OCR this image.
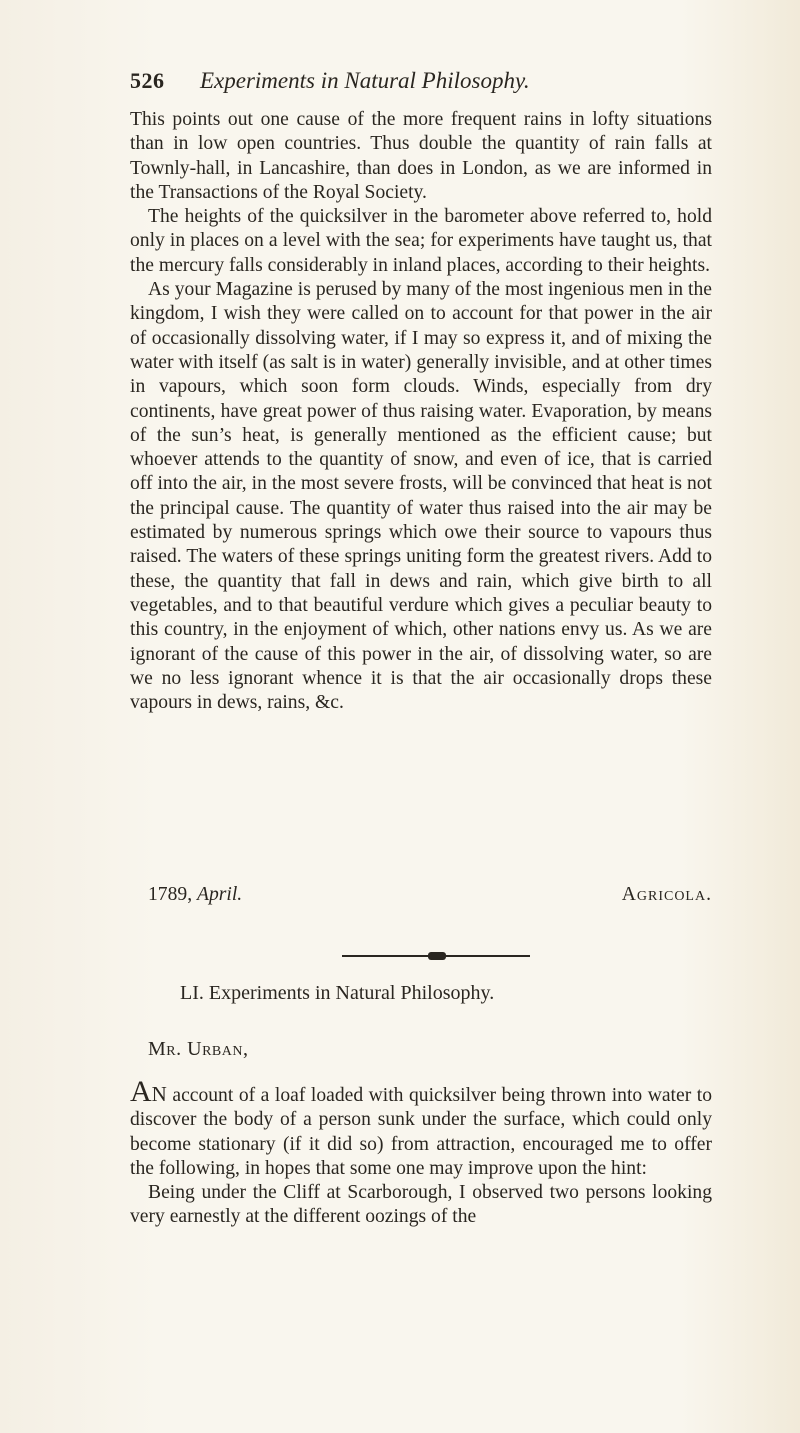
526 Experiments in Natural Philosophy.

This points out one cause of the more frequent rains in lofty situations than in low open countries. Thus double the quantity of rain falls at Townly-hall, in Lancashire, than does in London, as we are informed in the Transactions of the Royal Society.

The heights of the quicksilver in the barometer above referred to, hold only in places on a level with the sea; for experiments have taught us, that the mercury falls considerably in inland places, according to their heights.

As your Magazine is perused by many of the most ingenious men in the kingdom, I wish they were called on to account for that power in the air of occasionally dissolving water, if I may so express it, and of mixing the water with itself (as salt is in water) generally invisible, and at other times in vapours, which soon form clouds. Winds, especially from dry continents, have great power of thus raising water. Evaporation, by means of the sun’s heat, is generally mentioned as the efficient cause; but whoever attends to the quantity of snow, and even of ice, that is carried off into the air, in the most severe frosts, will be convinced that heat is not the principal cause. The quantity of water thus raised into the air may be estimated by numerous springs which owe their source to vapours thus raised. The waters of these springs uniting form the greatest rivers. Add to these, the quantity that fall in dews and rain, which give birth to all vegetables, and to that beautiful verdure which gives a peculiar beauty to this country, in the enjoyment of which, other nations envy us. As we are ignorant of the cause of this power in the air, of dissolving water, so are we no less ignorant whence it is that the air occasionally drops these vapours in dews, rains, &c.

1789, April.	Agricola.
LI. Experiments in Natural Philosophy.
Mr. Urban,

An account of a loaf loaded with quicksilver being thrown into water to discover the body of a person sunk under the surface, which could only become stationary (if it did so) from attraction, encouraged me to offer the following, in hopes that some one may improve upon the hint:

Being under the Cliff at Scarborough, I observed two persons looking very earnestly at the different oozings of the
